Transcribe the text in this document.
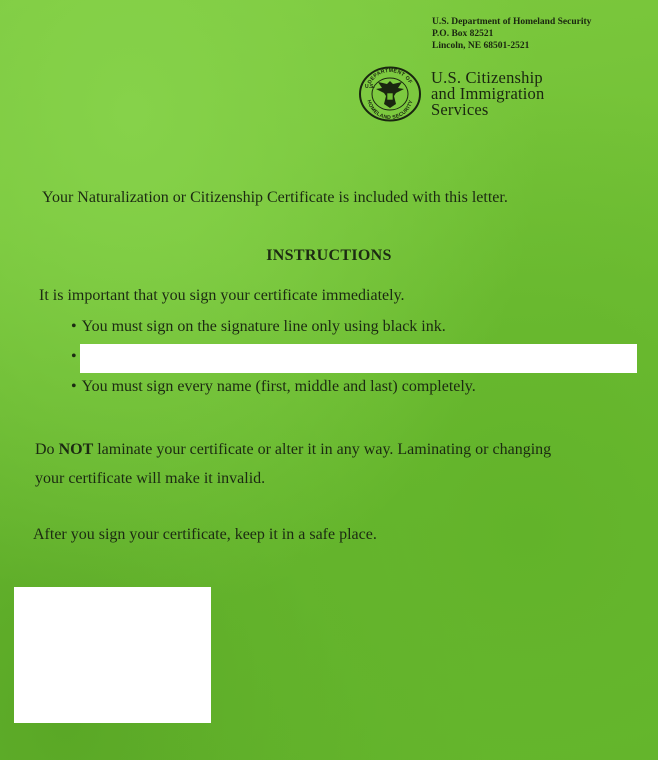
U.S. Department of Homeland Security
P.O. Box 82521
Lincoln, NE 68501-2521
DEPARTMENT OF
HOMELAND SECURITY
U.S.	U.S. Citizenship
and Immigration
Services
Your Naturalization or Citizenship Certificate is included with this letter.
INSTRUCTIONS
It is important that you sign your certificate immediately.
• You must sign on the signature line only using black ink.
•
• You must sign every name (first, middle and last) completely.
Do NOT laminate your certificate or alter it in any way. Laminating or changing
your certificate will make it invalid.
After you sign your certificate, keep it in a safe place.
